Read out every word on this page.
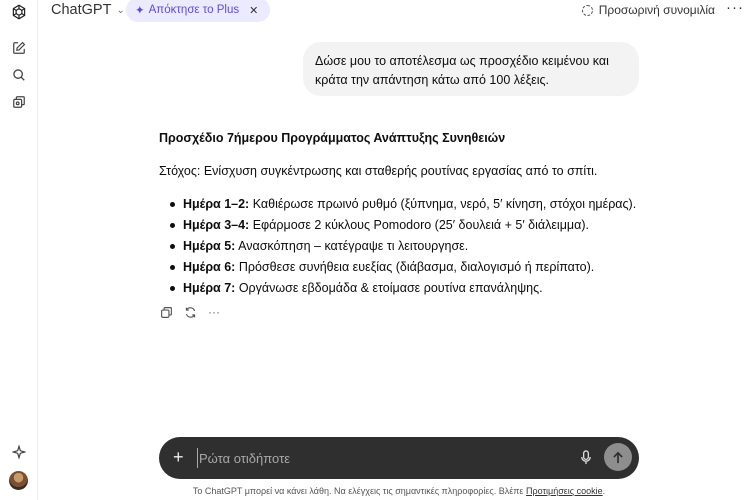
ChatGPT ⌄ ✦ Απόκτησε το Plus ✕	Προσωρινή συνομιλία ···
Δώσε μου το αποτέλεσμα ως προσχέδιο κειμένου και κράτα την απάντηση κάτω από 100 λέξεις.
Προσχέδιο 7ήμερου Προγράμματος Ανάπτυξης Συνηθειών

Στόχος: Ενίσχυση συγκέντρωσης και σταθερής ρουτίνας εργασίας από το σπίτι.

Ημέρα 1–2: Καθιέρωσε πρωινό ρυθμό (ξύπνημα, νερό, 5′ κίνηση, στόχοι ημέρας).
Ημέρα 3–4: Εφάρμοσε 2 κύκλους Pomodoro (25′ δουλειά + 5′ διάλειμμα).
Ημέρα 5: Ανασκόπηση – κατέγραψε τι λειτουργησε.
Ημέρα 6: Πρόσθεσε συνήθεια ευεξίας (διάβασμα, διαλογισμό ή περίπατο).
Ημέρα 7: Οργάνωσε εβδομάδα & ετοίμασε ρουτίνα επανάληψης.
···
+
Ρώτα οτιδήποτε
Το ChatGPT μπορεί να κάνει λάθη. Να ελέγχεις τις σημαντικές πληροφορίες. Βλέπε Προτιμήσεις cookie.
